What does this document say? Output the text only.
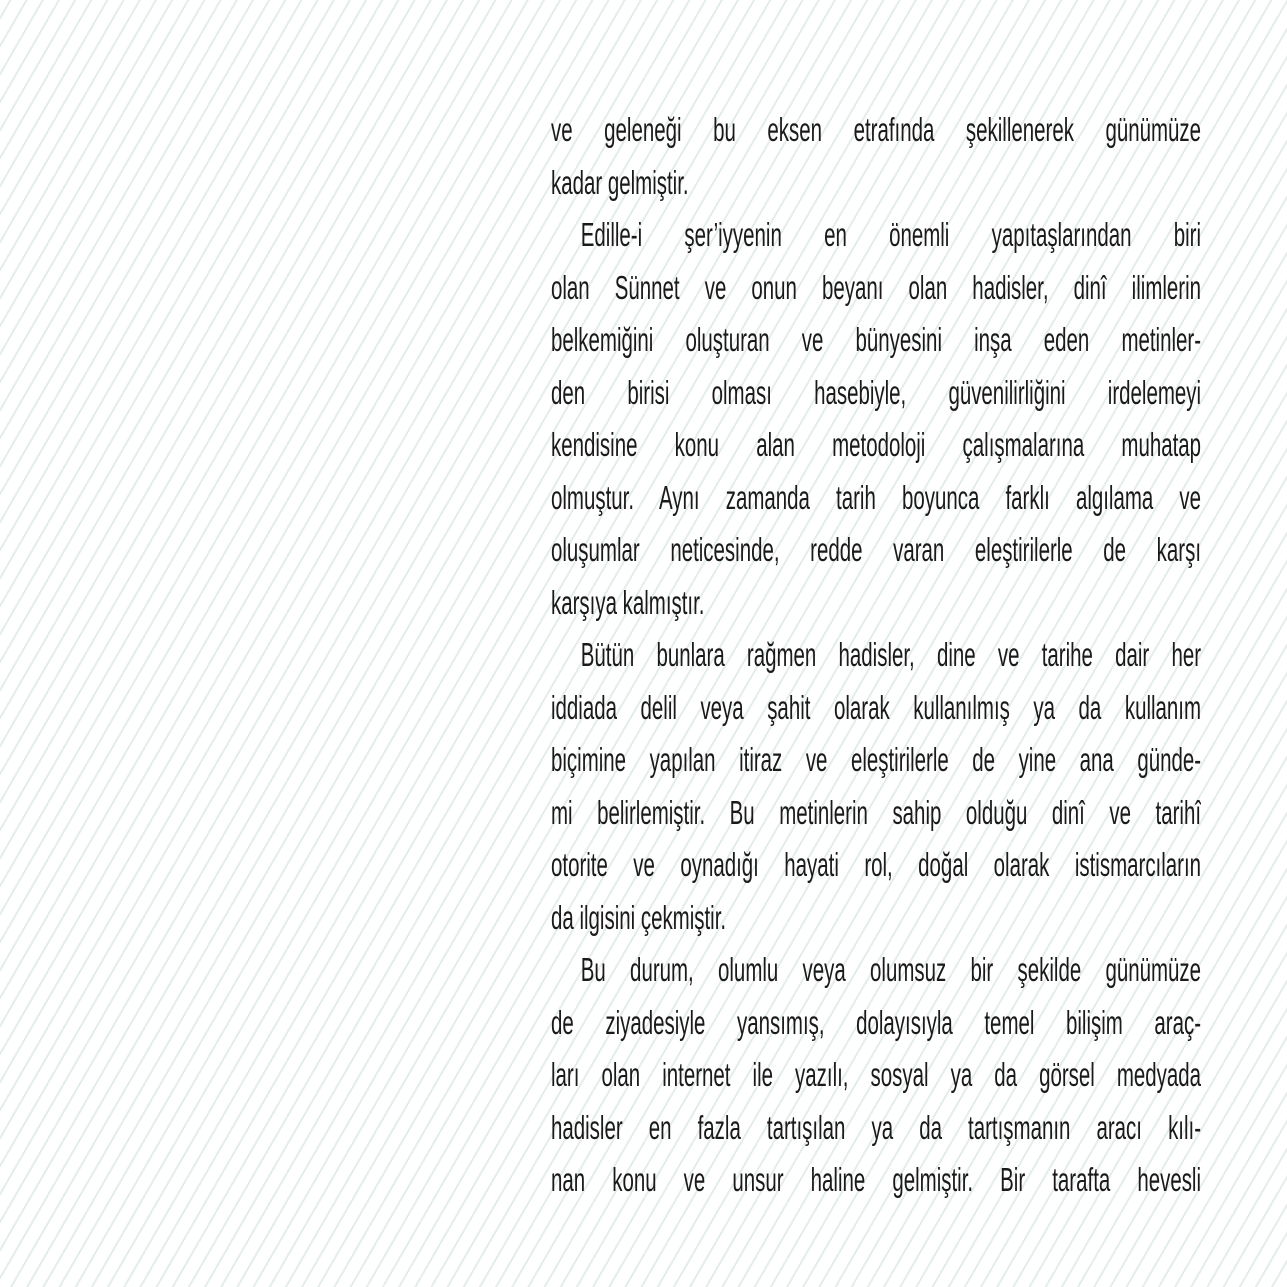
ve geleneği bu eksen etrafında şekillenerek günümüze
kadar gelmiştir.
Edille-i şer’iyyenin en önemli yapıtaşlarından biri
olan Sünnet ve onun beyanı olan hadisler, dinî ilimlerin
belkemiğini oluşturan ve bünyesini inşa eden metinler-
den birisi olması hasebiyle, güvenilirliğini irdelemeyi
kendisine konu alan metodoloji çalışmalarına muhatap
olmuştur. Aynı zamanda tarih boyunca farklı algılama ve
oluşumlar neticesinde, redde varan eleştirilerle de karşı
karşıya kalmıştır.
Bütün bunlara rağmen hadisler, dine ve tarihe dair her
iddiada delil veya şahit olarak kullanılmış ya da kullanım
biçimine yapılan itiraz ve eleştirilerle de yine ana günde-
mi belirlemiştir. Bu metinlerin sahip olduğu dinî ve tarihî
otorite ve oynadığı hayati rol, doğal olarak istismarcıların
da ilgisini çekmiştir.
Bu durum, olumlu veya olumsuz bir şekilde günümüze
de ziyadesiyle yansımış, dolayısıyla temel bilişim araç-
ları olan internet ile yazılı, sosyal ya da görsel medyada
hadisler en fazla tartışılan ya da tartışmanın aracı kılı-
nan konu ve unsur haline gelmiştir. Bir tarafta hevesli
